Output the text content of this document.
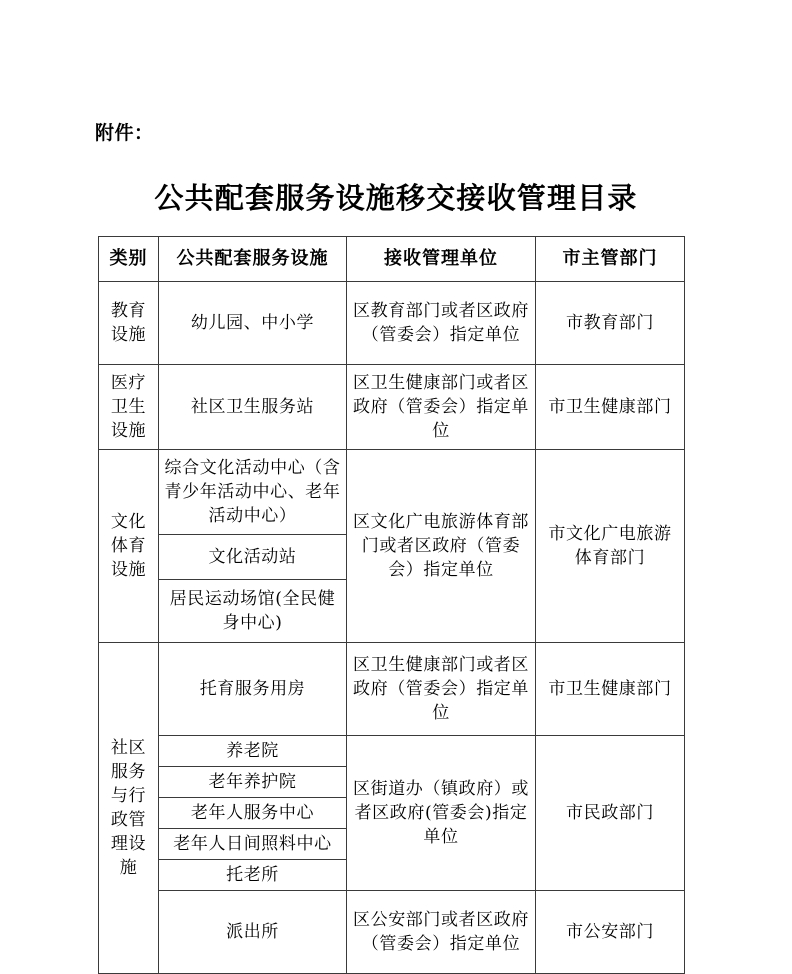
附件：
公共配套服务设施移交接收管理目录
类别	公共配套服务设施	接收管理单位	市主管部门
教育设施	幼儿园、中小学	区教育部门或者区政府（管委会）指定单位	市教育部门
医疗卫生设施	社区卫生服务站	区卫生健康部门或者区政府（管委会）指定单位	市卫生健康部门
文化体育设施	综合文化活动中心（含青少年活动中心、老年活动中心）	区文化广电旅游体育部门或者区政府（管委会）指定单位	市文化广电旅游体育部门
	文化活动站		
	居民运动场馆(全民健身中心)		
社区服务与行政管理设施	托育服务用房	区卫生健康部门或者区政府（管委会）指定单位	市卫生健康部门
	养老院	区街道办（镇政府）或者区政府(管委会)指定单位	市民政部门
	老年养护院		
	老年人服务中心		
	老年人日间照料中心		
	托老所		
	派出所	区公安部门或者区政府（管委会）指定单位	市公安部门
